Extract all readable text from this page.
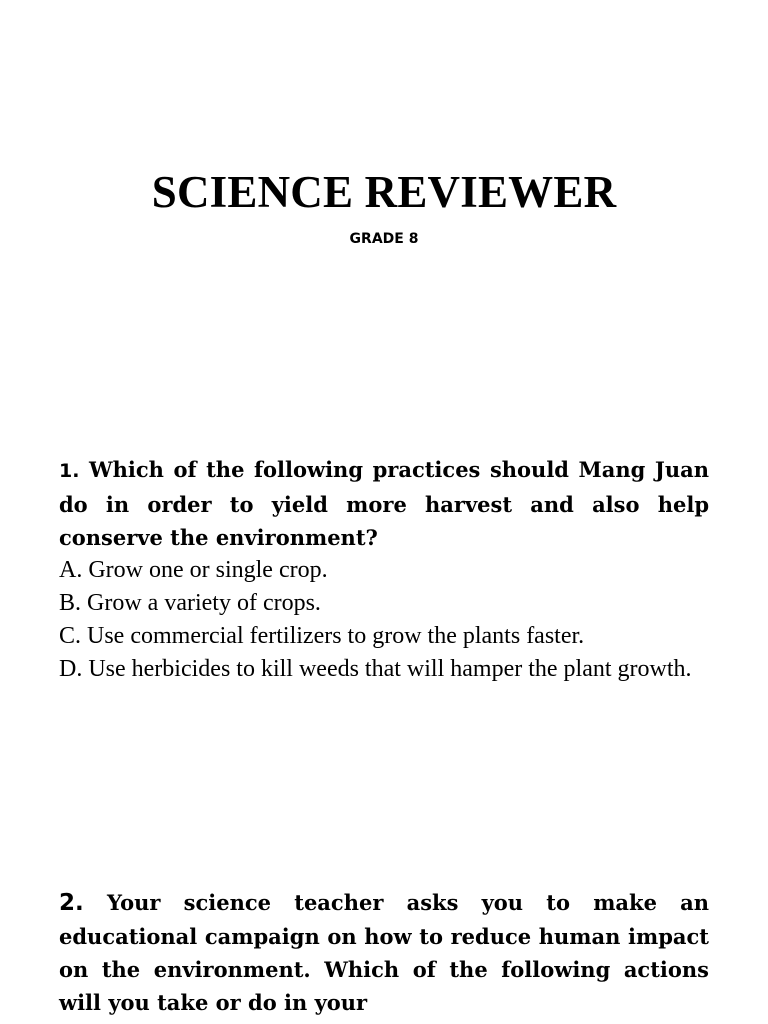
SCIENCE REVIEWER
GRADE 8

1. Which of the following practices should Mang Juan do in order to yield more harvest and also help conserve the environment?

A. Grow one or single crop.
B. Grow a variety of crops.
C. Use commercial fertilizers to grow the plants faster.
D. Use herbicides to kill weeds that will hamper the plant growth.

2. Your science teacher asks you to make an educational campaign on how to reduce human impact on the environment. Which of the following actions will you take or do in your
